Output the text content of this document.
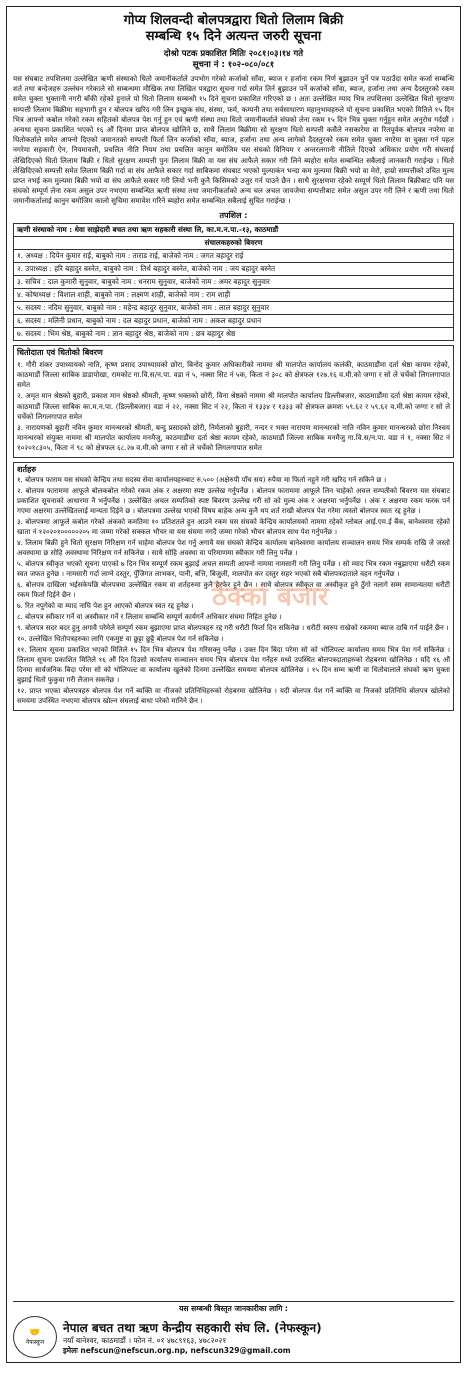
गोप्य शिलवन्दी बोलपत्रद्वारा धितो लिलाम बिक्री
सम्बन्धि १५ दिने अत्यन्त जरुरी सूचना
दोश्रो पटक प्रकाशित मितिः २०८१।०३।१४ गते
सूचना नं : १०२-०८०/०८१
यस संघबाट तपशिलमा उल्लेखित ऋणी संस्थाको धितो जमानीकर्ताले उपभोग गरेको कर्जाको साँवा, ब्याज र हर्जाना रकम निर्ण बुझाउन पुर्ने पत्र पठाउँदा समेत कर्जा सम्बन्धि शर्त तथा बन्देजहरु उल्लंघन गरेकाले सो सम्बन्धमा मौखिक तथा लिखित पत्रद्वारा सूचना गर्दा समेत तिर्न बुझाउन पर्ने कर्जाको साँवा, ब्याज, हर्जाना तथा अन्य दैदस्तुरको रकम समेत चुक्ता भुक्तानी नगरी बाँकी रहेको हुनाले यो धितो लिलाम सम्बन्धी १५ दिने सूचना प्रकाशित गरिएको छ । अतः उल्लेखित म्याद भित्र तपशिलमा उल्लेखित धितो सुरक्षण सम्पत्ती लिलाम बिक्रीमा सहभागी हुन र बोलपत्र खरिद गरी लिन इच्छुक संघ, संस्था, फर्म, कम्पनी तथा सर्वसाधारण महानुभावहरुले यो सूचना प्रकाशित भएको मितिले १५ दिन भित्र आफ्नो कबोल गरेको रकम सहितको बोलपत्र पेश गर्नु हुन एवं ऋणी संस्था तथा धितो जमानीकर्ताले संघको लेना रकम १५ दिन भित्र चुक्ता गर्नुहुन समेत अनुरोध गर्दछौं । अन्यथा सूचना प्रकाशित भएको १६ औं दिनमा प्राप्त बोलपत्र खोलिने छ, साथै लिलाम बिक्रीमा सो सुरक्षण धितो सम्पत्ती कसैले नसकारेमा वा रितपूर्वक बोलपत्र नपरेमा वा धितोकर्ताले समेत आफ्नो दिएको जमानतको सम्पत्ती फिर्ता लिन कर्जाको साँवा, ब्याज, हर्जाना तथा अन्य लागेको दैदस्तुरको रकम समेत चुक्ता नगरेमा वा चुक्ता गर्न पहल नगरेमा सहकारी ऐन, नियमावली, प्रचलित नीति नियम तथा प्रचलित कानुन बमोजिम यस संघको विनियम र अन्तरलगानी नीतिले दिएको अधिकार प्रयोग गरी संघलाई लेखिदिएको धितो लिलाम बिक्री र धितो सुरक्षण सम्पत्ती पुनः लिलाम बिक्री वा यस संघ आफैले सकार गरी लिने ब्यहोरा समेत सम्बन्धित सबैलाई जानकारी गराईन्छ । धितो लेखिदिएको सम्पत्ती समेत लिलाम बिक्री गर्दा वा संघ आफैले सकार गर्दा साबिकमा संघबाट भएको मुल्याकंन भन्दा कम मुल्यमा बिक्री भयो वा मेरो, हाम्रो सम्पत्तीको उचित मुल्य प्राप्त नभई कम मुल्यमा बिक्री भयो वा संघ आफैले सकार गरी लियो भनी कुनै किसिमको उजुर गर्न पाउने छैन । साथै सुरक्षणमा रहेको सम्पूर्ण धितो लिलाम बिक्रीबाट पनि यस संघको सम्पूर्ण लेना रकम असुल उपर नभएमा सम्बन्धित ऋणी संस्था तथा जमानीकर्ताको अन्य चल अचल जायजेथा सम्पत्तीबाट समेत असुल उपर गरी लिने र ऋणी तथा धितो जमानीकर्तालाई कानुन बमोजिम कालो सुचिमा समावेश गरिने ब्यहोरा समेत सम्बन्धित सबैलाई सुचित गराईन्छ ।
तपशिल :
ऋणी संस्थाको नाम : धेवा साझेदारी बचत तथा ऋण सहकारी संस्था लि, का.म.न.पा.-१३, काठमाडौं
संचालकहरुको बिवरण
१. अध्यक्ष : दिपेन कुमार राई, बाबुको नाम : ताराड राई, बाजेको नाम : जगत बहादुर राई
२. उपाध्यक्ष : हरि बहादुर बस्नेत, बाबुको नाम : तिर्थ बहादुर बस्नेत, बाजेको नाम : जय बहादुर बस्नेत
३. सचिव : दाल कुमारी सुनुवार, बाबुको नाम : धनराम सुनुवार, बाजेको नाम : अमर बहादुर सुनुवार
४. कोषाध्यक्ष : विशाल शाही, बाबुको नाम : लक्ष्मण शाही, बाजेको नाम : राम शाही
५. सदस्य : नदिम सुनुवार, बाबुको नाम : महेन्द्र बहादुर सुनुवार, बाजेको नाम : लाल बहादुर सुनुवार
६. सदस्य : मलिनी प्रधान, बाबुको नाम : दल बहादुर प्रधान, बाजेको नाम : अकल बहादुर प्रधान
७. सदस्य : भिम श्रेष्ठ, बाबुको नाम : ज्ञान बहादुर श्रेष्ठ, बाजेको नाम : छत्र बहादुर श्रेष्ठ
धितोदाता एवं धितोको बिवरण
१. गौरी शंकर उपाध्यायको नाति, कृष्ण प्रसाद उपाध्यायको छोरा, बिनोद कुमार अधिकारीको नाममा श्री मालपोत कार्यालय कलंकी, काठमाडौंमा दर्ता श्रेष्ठा कायम रहेको, काठमाडौं जिल्ला साबिक डाडापोखा, रामकोट गा.वि.स/न.पा. वडा नं ५, नक्सा सिट नं ५क, किता नं ३०८ को क्षेत्रफल १२७.१६ व.मी.को जग्गा र सो ले चर्चेको लिगलगापात समेत
२. अमृत मान श्रेष्ठको बुहारी, प्रकाश मान श्रेष्ठको श्रीमती, कृष्ण भक्तको छोरी, विना श्रेष्ठको नाममा श्री मालपोत कार्यालय डिल्लीबजार, काठमाडौंमा दर्ता श्रेष्ठा कायम रहेको, काठमाडौं जिल्ला साबिक का.म.न.पा. (डिल्लीबजार) वडा नं २२, नक्सा सिट नं २२, किता नं १३३४ र १३३३ को क्षेत्रफल क्रमशः ५९.६२ र ५९.६२ व.मी.को जग्गा र सो ले चर्चेको लिगलगापात समेत
३. नारायणको बुहारी नविन कुमार मानन्धरको श्रीमती, बन्दु प्रसादको छोरी, निर्मलाको बुहारी, नन्दर र भक्त नारायण मानन्धरको नाति नविन कुमार मानन्धरको छोरा निश्चय मानन्धरको संयुक्त नाममा श्री मालपोत कार्यालय मनमैजु, काठमाडौंमा दर्ता श्रेष्ठा कायम रहेको, काठमाडौं जिल्ला साबिक मनमैजु गा.वि.स/न.पा. वडा नं १, नक्सा सिट नं १०२०१८३०५, किता नं ९८ को क्षेत्रफल ६८.२७ व.मी.को जग्गा र सो ले चर्चेको लिगलगापात समेत
शर्तहरु
१. बोलपत्र फाराम यस संघको केन्द्रिय तथा सदस्य सेवा कार्यालयहरुबाट रु.५०० (अक्षेरुपी पाँच सय) रुपैया मा फिर्ता नहुने गरी खरिद गर्न सकिने छ ।
२. बोलपत्र फाराममा आफूले बोलकबोल गरेको रकम अंक र अक्षरमा स्पष्ट उल्लेख गर्नुपर्नेछ । बोलपत्र फाराममा आफूले लिन चाहेको अचल सम्पतीको बिवरण यस संघबाट प्रकाशित सूचनाको आधारमा नै भर्नुपर्नेछ । उल्लेखित अचल सम्पतिको स्पष्ट बिवरण उल्लेख गरी सो को मुल्य अंक र अक्षरमा भर्नुपर्नेछ । अंक र अक्षरमा रकम फरक पर्न गएमा अक्षरमा उल्लेखितलाई मान्यता दिईने छ । बोलपत्रमा उल्लेख भएको विषय बाहेक अन्य कुनै थप शर्त राखी बोलपत्र पेश गरेमा त्यस्तो बोलपत्र स्वतः रद्द हुनेछ ।
३. बोलपत्रमा आफूले कबोल गरेको अंकको कमतिमा १० प्रतिशतले हुन आउने रकम यस संघको केन्द्रिय कार्यालयको नाममा रहेको ग्लोबल आई.एम.ई बैंक, बानेश्वरमा रहेको खाता नं १२०२०१०००००२०५ मा जम्मा गरेको सक्कल भौचर वा यस संघमा नगदै जम्मा गरेको भौचर बोलपत्र साथ पेश गर्नुपर्नेछ ।
४. लिलाम बिक्री हुने धितो सुरक्षण निरिक्षण गर्न चाहेमा बोलपत्र पेश गर्नु अगावै यस संघको केन्द्रिय कार्यालय बानेश्वरमा कार्यालय सञ्चालन समय भित्र सम्पर्क राखि जे जस्तो अवस्थामा छ सोहि अवस्थामा निरिक्षण गर्न सकिनेछ । साथै सोहि अवस्था वा परिमाणमा स्वीकार गरी लिनु पर्नेछ ।
५. बोलपत्र स्वीकृत भएको सूचना पाएको ७ दिन भित्र सम्पूर्ण रकम बुझाई अचल सम्पती आफ्नो नाममा नामसारी गरी लिनु पर्नेछ । सो म्याद भित्र रकम नबुझाएमा धरौटी रकम स्वत जफत हुनेछ । नामसारी गर्दा लाग्ने दस्तुर, पुँजिगत लाभकर, पानी, बत्ति, बिजुली, मालपोत कर दस्तुर सहर भएको सबै बोलपत्रदाताले वहन गर्नुपर्नेछ ।
६. बोलपत्र दाखिला भईसकेपछि बोलपत्रमा उल्लेखित रकम वा शर्तहरुमा कुनै हेरफेर हुने छैन । साथै बोलपत्र स्वीकृत वा अस्वीकृत हुने ठुँगो नलागे सम्म सामान्यतया धरौटी रकम फिर्ता दिईने छैन ।
७. रित नपुगेको वा म्याद नाघि पेश हुन आएको बोलपत्र स्वत रद्द हुनेछ ।
८. बोलपत्र स्वीकार गर्ने वा अस्वीकार गर्ने र लिलाम सम्बन्धि सम्पूर्ण कार्यगर्ने अधिकार संघमा निहित हुनेछ ।
९. बोलपत्र सदर बदर हुनु अगावै परेमेले सम्पूर्ण रकम बुझाएमा प्राप्त बोलपत्रहरु रद्द गरी धरौटी फिर्ता दिन सकिनेछ । धरौटी स्वरुप राखेको रकममा ब्याज दाबि गर्न पाईने छैन ।
१०. उल्लेखित धितोपत्रहरुका लागि एकमुष्ट वा छुट्टा छुट्टै बोलपत्र पेश गर्न सकिनेछ ।
११. लिलाम सूचना प्रकाशित भएको मितिले १५ दिन भित्र बोलपत्र पेश गरिसक्नु पर्नेछ । उक्त दिन बिदा परेमा सो को भोलिपल्ट कार्यालय समय भित्र पेश गर्न सकिनेछ । लिलाम सूचना प्रकाशित मितिले १६ औं दिन दिउसो कार्यालय सञ्चालन समय भित्र बोलपत्र पेश गर्नेहरु मध्ये उपस्थित बोलपत्रदाताहरुको रोहबरमा खोलिनेछ । यदि १६ औं दिनमा सार्वजनिक बिदा परेमा सो को भोलिपल्ट वा कार्यालय खुलेको दिनमा उल्लेखित समयमा बोलपत्र खोलिनेछ । १५ दिन सम्म ऋणी वा धितोवालाले संघको ऋण चुक्ता बुझाई धितो फुकुवा गरी लैजान सकनेछ ।
१२. प्राप्त भएका बोलपत्रहरु बोलपत्र पेश गर्ने ब्यक्ति वा नीजको प्रतिनिधिहरुको रोहबरमा खोलिनेछ । यदी बोलपत्र पेश गर्ने ब्यक्ति वा निजको प्रतिनिधि बोलपत्र खोलेको समयमा उपस्थित नभएमा बोलपत्र खोल्न संघलाई बाधा परेको मानिने छैन ।
यस सम्बन्धी बिस्तृत जानकारीका लागि :
🤝
नेफस्कून
नेपाल बचत तथा ऋण केन्द्रीय सहकारी संघ लि. (नेफस्कून)
नयाँ बानेश्वर, काठमाडौं । फोन नं. ०१ ४७८९१६३, ४७८२०२१
इमेलः nefscun@nefscun.org.np, nefscun329@gmail.com
ठेक्का बजार
